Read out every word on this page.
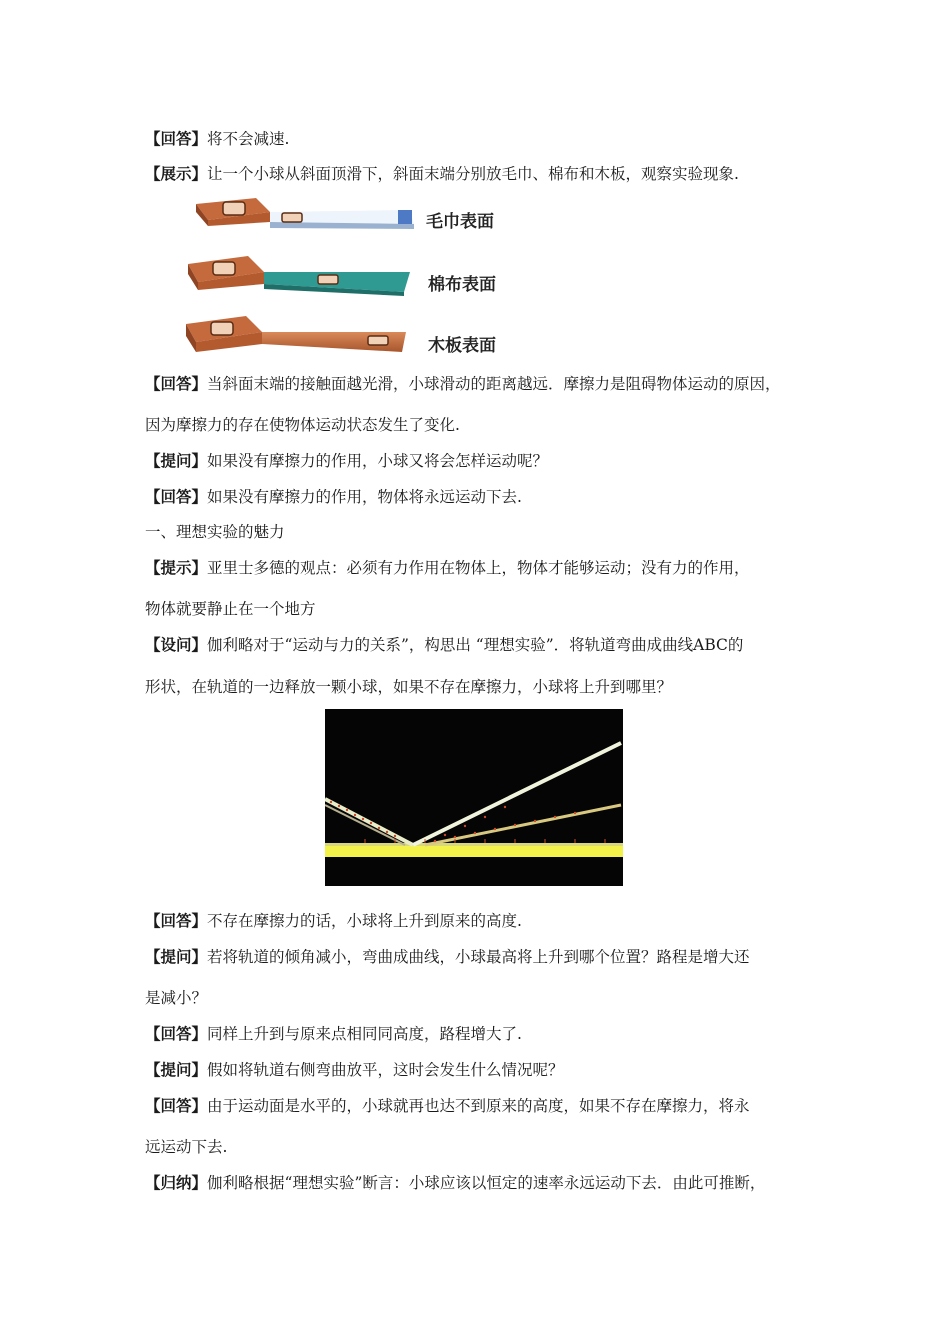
【回答】将不会减速.
【展示】让一个小球从斜面顶滑下，斜面末端分别放毛巾、棉布和木板，观察实验现象.
毛巾表面
棉布表面
木板表面
【回答】当斜面末端的接触面越光滑，小球滑动的距离越远．摩擦力是阻碍物体运动的原因，
因为摩擦力的存在使物体运动状态发生了变化.
【提问】如果没有摩擦力的作用，小球又将会怎样运动呢？
【回答】如果没有摩擦力的作用，物体将永远运动下去.
一、理想实验的魅力
【提示】亚里士多德的观点：必须有力作用在物体上，物体才能够运动；没有力的作用，
物体就要静止在一个地方
【设问】伽利略对于“运动与力的关系”，构思出 “理想实验”．将轨道弯曲成曲线ABC的
形状，在轨道的一边释放一颗小球，如果不存在摩擦力，小球将上升到哪里？
【回答】不存在摩擦力的话，小球将上升到原来的高度.
【提问】若将轨道的倾角减小，弯曲成曲线，小球最高将上升到哪个位置？路程是增大还
是减小？
【回答】同样上升到与原来点相同同高度，路程增大了.
【提问】假如将轨道右侧弯曲放平，这时会发生什么情况呢？
【回答】由于运动面是水平的，小球就再也达不到原来的高度，如果不存在摩擦力，将永
远运动下去.
【归纳】伽利略根据“理想实验”断言：小球应该以恒定的速率永远运动下去．由此可推断，
